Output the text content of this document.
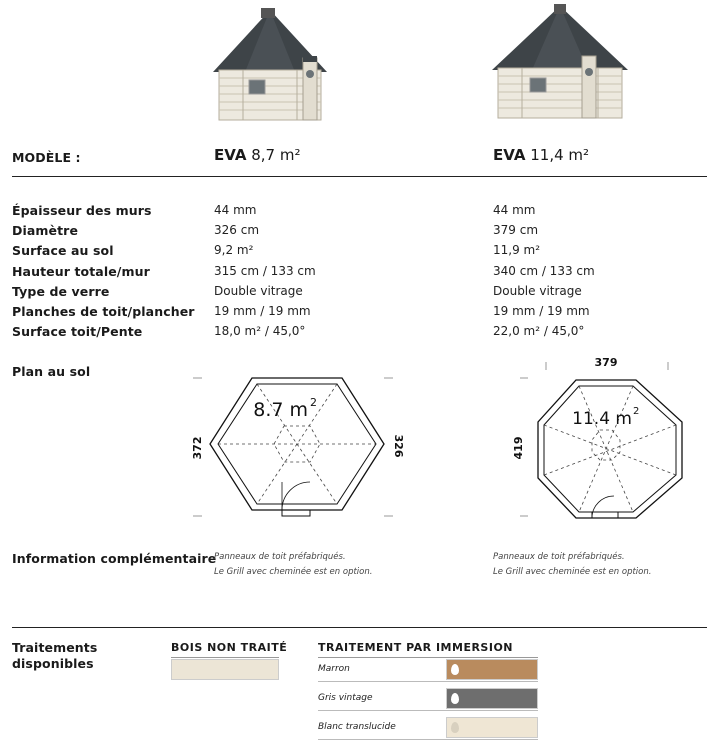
MODÈLE :	EVA 8,7 m²	EVA 11,4 m²
Épaisseur des murs	44 mm	44 mm
Diamètre	326 cm	379 cm
Surface au sol	9,2 m²	11,9 m²
Hauteur totale/mur	315 cm / 133 cm	340 cm / 133 cm
Type de verre	Double vitrage	Double vitrage
Planches de toit/plancher 19 mm / 19 mm	19 mm / 19 mm
Surface toit/Pente	18,0 m² / 45,0°	22,0 m² / 45,0°
Plan au sol
8.7 m 2
372	326
379
419
11.4 m 2
Information complémentaire
Panneaux de toit préfabriqués.
Le Grill avec cheminée est en option.
Panneaux de toit préfabriqués.
Le Grill avec cheminée est en option.
Traitements
disponibles
BOIS NON TRAITÉ	TRAITEMENT PAR IMMERSION
Marron
Gris vintage
Blanc translucide
